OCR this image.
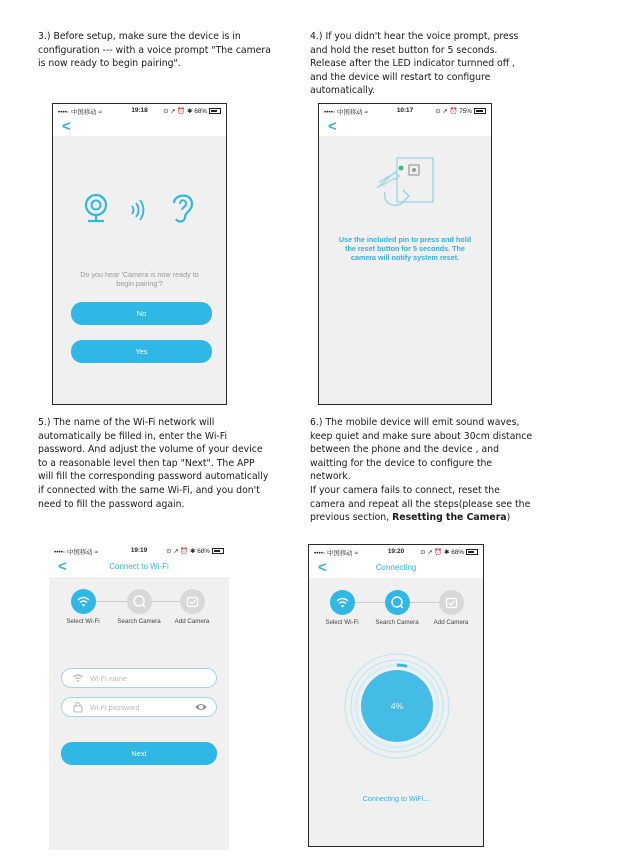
3.) Before setup, make sure the device is in

configuration --- with a voice prompt "The camera

is now ready to begin pairing".

4.) If you didn't hear the voice prompt, press

and hold the reset button for 5 seconds.

Release after the LED indicator turnned off ,

and the device will restart to configure

automatically.

••••◦ 中国移动 ≈	19:18	⊙ ↗ ⏰ ✱ 68%
<
Do you hear 'Camera is now ready to begin pairing'?
No
Yes
••••◦ 中国移动 ≈	10:17	⊙ ↗ ⏰ 75%
<
Use the included pin to press and hold the reset button for 5 seconds. The camera will notify system reset.

5.) The name of the Wi-Fi network will

automatically be filled in, enter the Wi-Fi

password. And adjust the volume of your device

to a reasonable level then tap "Next". The APP

will fill the corresponding password automatically

if connected with the same Wi-Fi, and you don't

need to fill the password again.

6.) The mobile device will emit sound waves,

keep quiet and make sure about 30cm distance

between the phone and the device , and

waitting for the device to configure the

network.

If your camera fails to connect, reset the

camera and repeat all the steps(please see the

previous section, Resetting the Camera)

••••◦ 中国移动 ≈	19:19	⊙ ↗ ⏰ ✱ 68%
<	Connect to Wi-Fi
Select Wi-Fi	Search Camera	Add Camera
Wi-Fi name
Wi-Fi password
Next
••••◦ 中国移动 ≈	19:20	⊙ ↗ ⏰ ✱ 68%
<	Connecting
Select Wi-Fi	Search Camera	Add Camera
4%
Connecting to WiFi...
